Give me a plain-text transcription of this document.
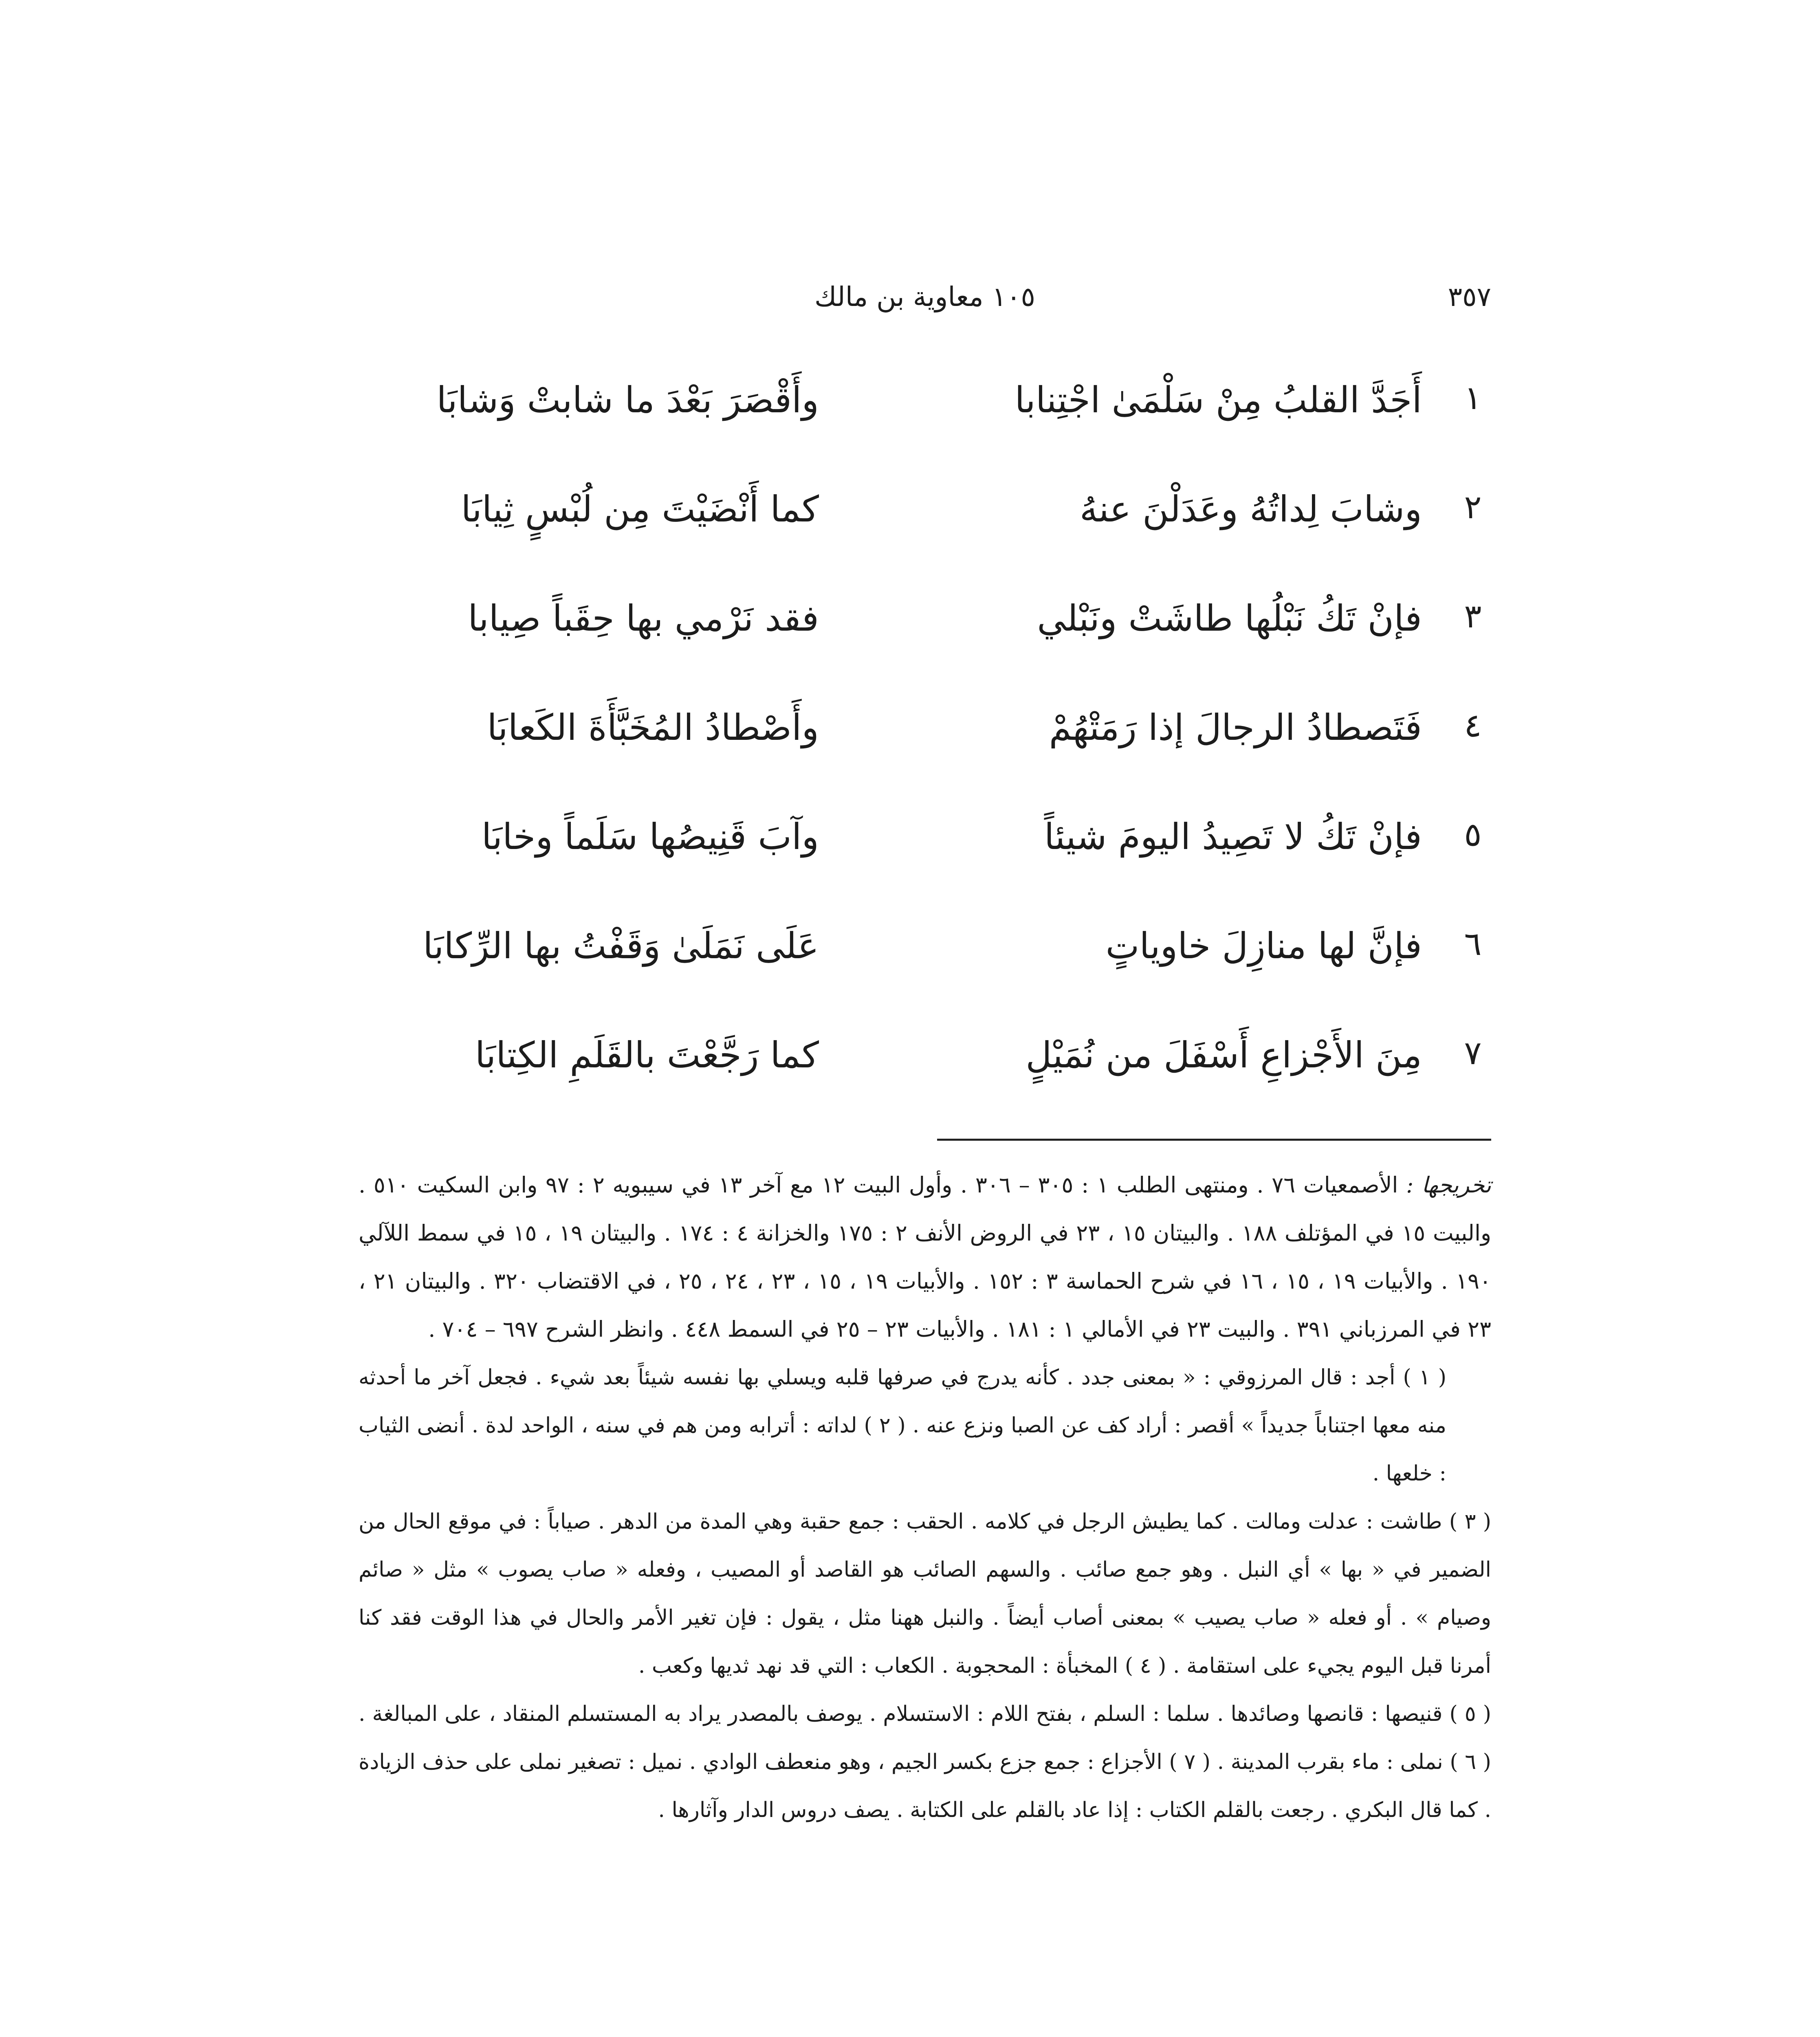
٣٥٧
١٠٥ معاوية بن مالك
١
أَجَدَّ القلبُ مِنْ سَلْمَىٰ اجْتِنابا
وأَقْصَرَ بَعْدَ ما شابتْ وَشابَا
٢
وشابَ لِداتُهُ وعَدَلْنَ عنهُ
كما أَنْضَيْتَ مِن لُبْسٍ ثِيابَا
٣
فإنْ تَكُ نَبْلُها طاشَتْ ونَبْلي
فقد نَرْمي بها حِقَباً صِيابا
٤
فَتَصطادُ الرجالَ إذا رَمَتْهُمْ
وأَصْطادُ المُخَبَّأَةَ الكَعابَا
٥
فإنْ تَكُ لا تَصِيدُ اليومَ شيئاً
وآبَ قَنِيصُها سَلَماً وخابَا
٦
فإنَّ لها منازِلَ خاوياتٍ
عَلَى نَمَلَىٰ وَقَفْتُ بها الرِّكابَا
٧
مِنَ الأَجْزاعِ أَسْفَلَ من نُمَيْلٍ
كما رَجَّعْتَ بالقَلَمِ الكِتابَا

تخريجها : الأصمعيات ٧٦ . ومنتهى الطلب ١ : ٣٠٥ – ٣٠٦ . وأول البيت ١٢ مع آخر ١٣ في سيبويه ٢ : ٩٧ وابن السكيت ٥١٠ . والبيت ١٥ في المؤتلف ١٨٨ . والبيتان ١٥ ، ٢٣ في الروض الأنف ٢ : ١٧٥ والخزانة ٤ : ١٧٤ . والبيتان ١٩ ، ١٥ في سمط اللآلي ١٩٠ . والأبيات ١٩ ، ١٥ ، ١٦ في شرح الحماسة ٣ : ١٥٢ . والأبيات ١٩ ، ١٥ ، ٢٣ ، ٢٤ ، ٢٥ ، في الاقتضاب ٣٢٠ . والبيتان ٢١ ، ٢٣ في المرزباني ٣٩١ . والبيت ٢٣ في الأمالي ١ : ١٨١ . والأبيات ٢٣ – ٢٥ في السمط ٤٤٨ . وانظر الشرح ٦٩٧ – ٧٠٤ .

( ١ ) أجد : قال المرزوقي : « بمعنى جدد . كأنه يدرج في صرفها قلبه ويسلي بها نفسه شيئاً بعد شيء . فجعل آخر ما أحدثه منه معها اجتناباً جديداً » أقصر : أراد كف عن الصبا ونزع عنه . ( ٢ ) لداته : أترابه ومن هم في سنه ، الواحد لدة . أنضى الثياب : خلعها .

( ٣ ) طاشت : عدلت ومالت . كما يطيش الرجل في كلامه . الحقب : جمع حقبة وهي المدة من الدهر . صياباً : في موقع الحال من الضمير في « بها » أي النبل . وهو جمع صائب . والسهم الصائب هو القاصد أو المصيب ، وفعله « صاب يصوب » مثل « صائم وصيام » . أو فعله « صاب يصيب » بمعنى أصاب أيضاً . والنبل ههنا مثل ، يقول : فإن تغير الأمر والحال في هذا الوقت فقد كنا أمرنا قبل اليوم يجيء على استقامة . ( ٤ ) المخبأة : المحجوبة . الكعاب : التي قد نهد ثديها وكعب .

( ٥ ) قنيصها : قانصها وصائدها . سلما : السلم ، بفتح اللام : الاستسلام . يوصف بالمصدر يراد به المستسلم المنقاد ، على المبالغة . ( ٦ ) نملى : ماء بقرب المدينة . ( ٧ ) الأجزاع : جمع جزع بكسر الجيم ، وهو منعطف الوادي . نميل : تصغير نملى على حذف الزيادة . كما قال البكري . رجعت بالقلم الكتاب : إذا عاد بالقلم على الكتابة . يصف دروس الدار وآثارها .
